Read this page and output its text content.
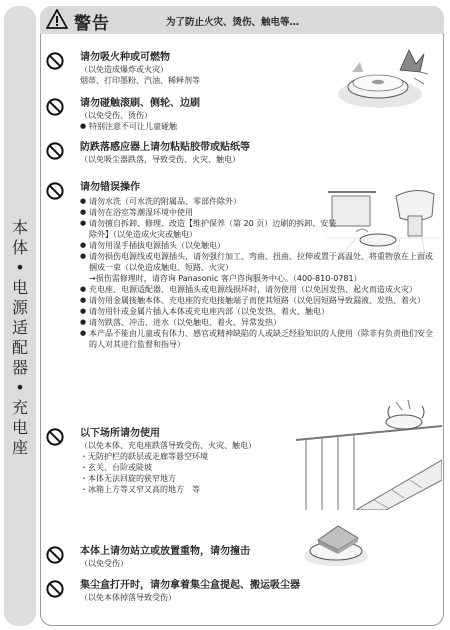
本
体
•
电
源
适
配
器
•
充
电
座
警告	为了防止火灾、烫伤、触电等…
请勿吸火种或可燃物
（以免造成爆炸或火灾）
烟蒂、打印墨粉、汽油、稀释剂等
请勿碰触滚刷、侧轮、边刷
（以免受伤、烫伤）
● 特别注意不可让儿童碰触
防跌落感应器上请勿粘贴胶带或贴纸等
（以免吸尘器跌落，导致受伤、火灾、触电）
请勿错误操作
● 请勿水洗（可水洗的附属品、零部件除外）
● 请勿在浴室等潮湿环境中使用
● 请勿擅自拆卸、修理、改造【维护保养（第 20 页）边刷的拆卸、安装除外】（以免造成火灾或触电）
● 请勿用湿手插拔电源插头（以免触电）
● 请勿损伤电源线或电源插头，请勿强行加工、弯曲、扭曲、拉伸或置于高温处、将重物放在上面或捆成一束（以免造成触电、短路、火灾）
→损伤需修理时，请咨询 Panasonic 客户咨询服务中心。（400-810-0781）
● 充电座、电源适配器、电源插头或电源线损坏时，请勿使用（以免因发热、起火而造成火灾）
● 请勿用金属接触本体、充电座的充电接触端子而使其短路（以免因短路导致漏液、发热、着火）
● 请勿用针或金属片插入本体或充电座内部（以免发热、着火、触电）
● 请勿跌落、冲击、进水（以免触电、着火、异常发热）
● 本产品不能由儿童或有体力、感官或精神缺陷的人或缺乏经验知识的人使用（除非有负责他们安全的人对其进行监督和指导）
以下场所请勿使用
（以免本体、充电座跌落导致受伤、火灾、触电）
・无防护栏的跃层或走廊等悬空环境
・玄关、台阶或陡坡
・本体无法回旋的狭窄地方
・冰箱上方等又窄又高的地方　等
本体上请勿站立或放置重物，请勿撞击
（以免受伤）
集尘盒打开时，请勿拿着集尘盒提起、搬运吸尘器
（以免本体掉落导致受伤）
